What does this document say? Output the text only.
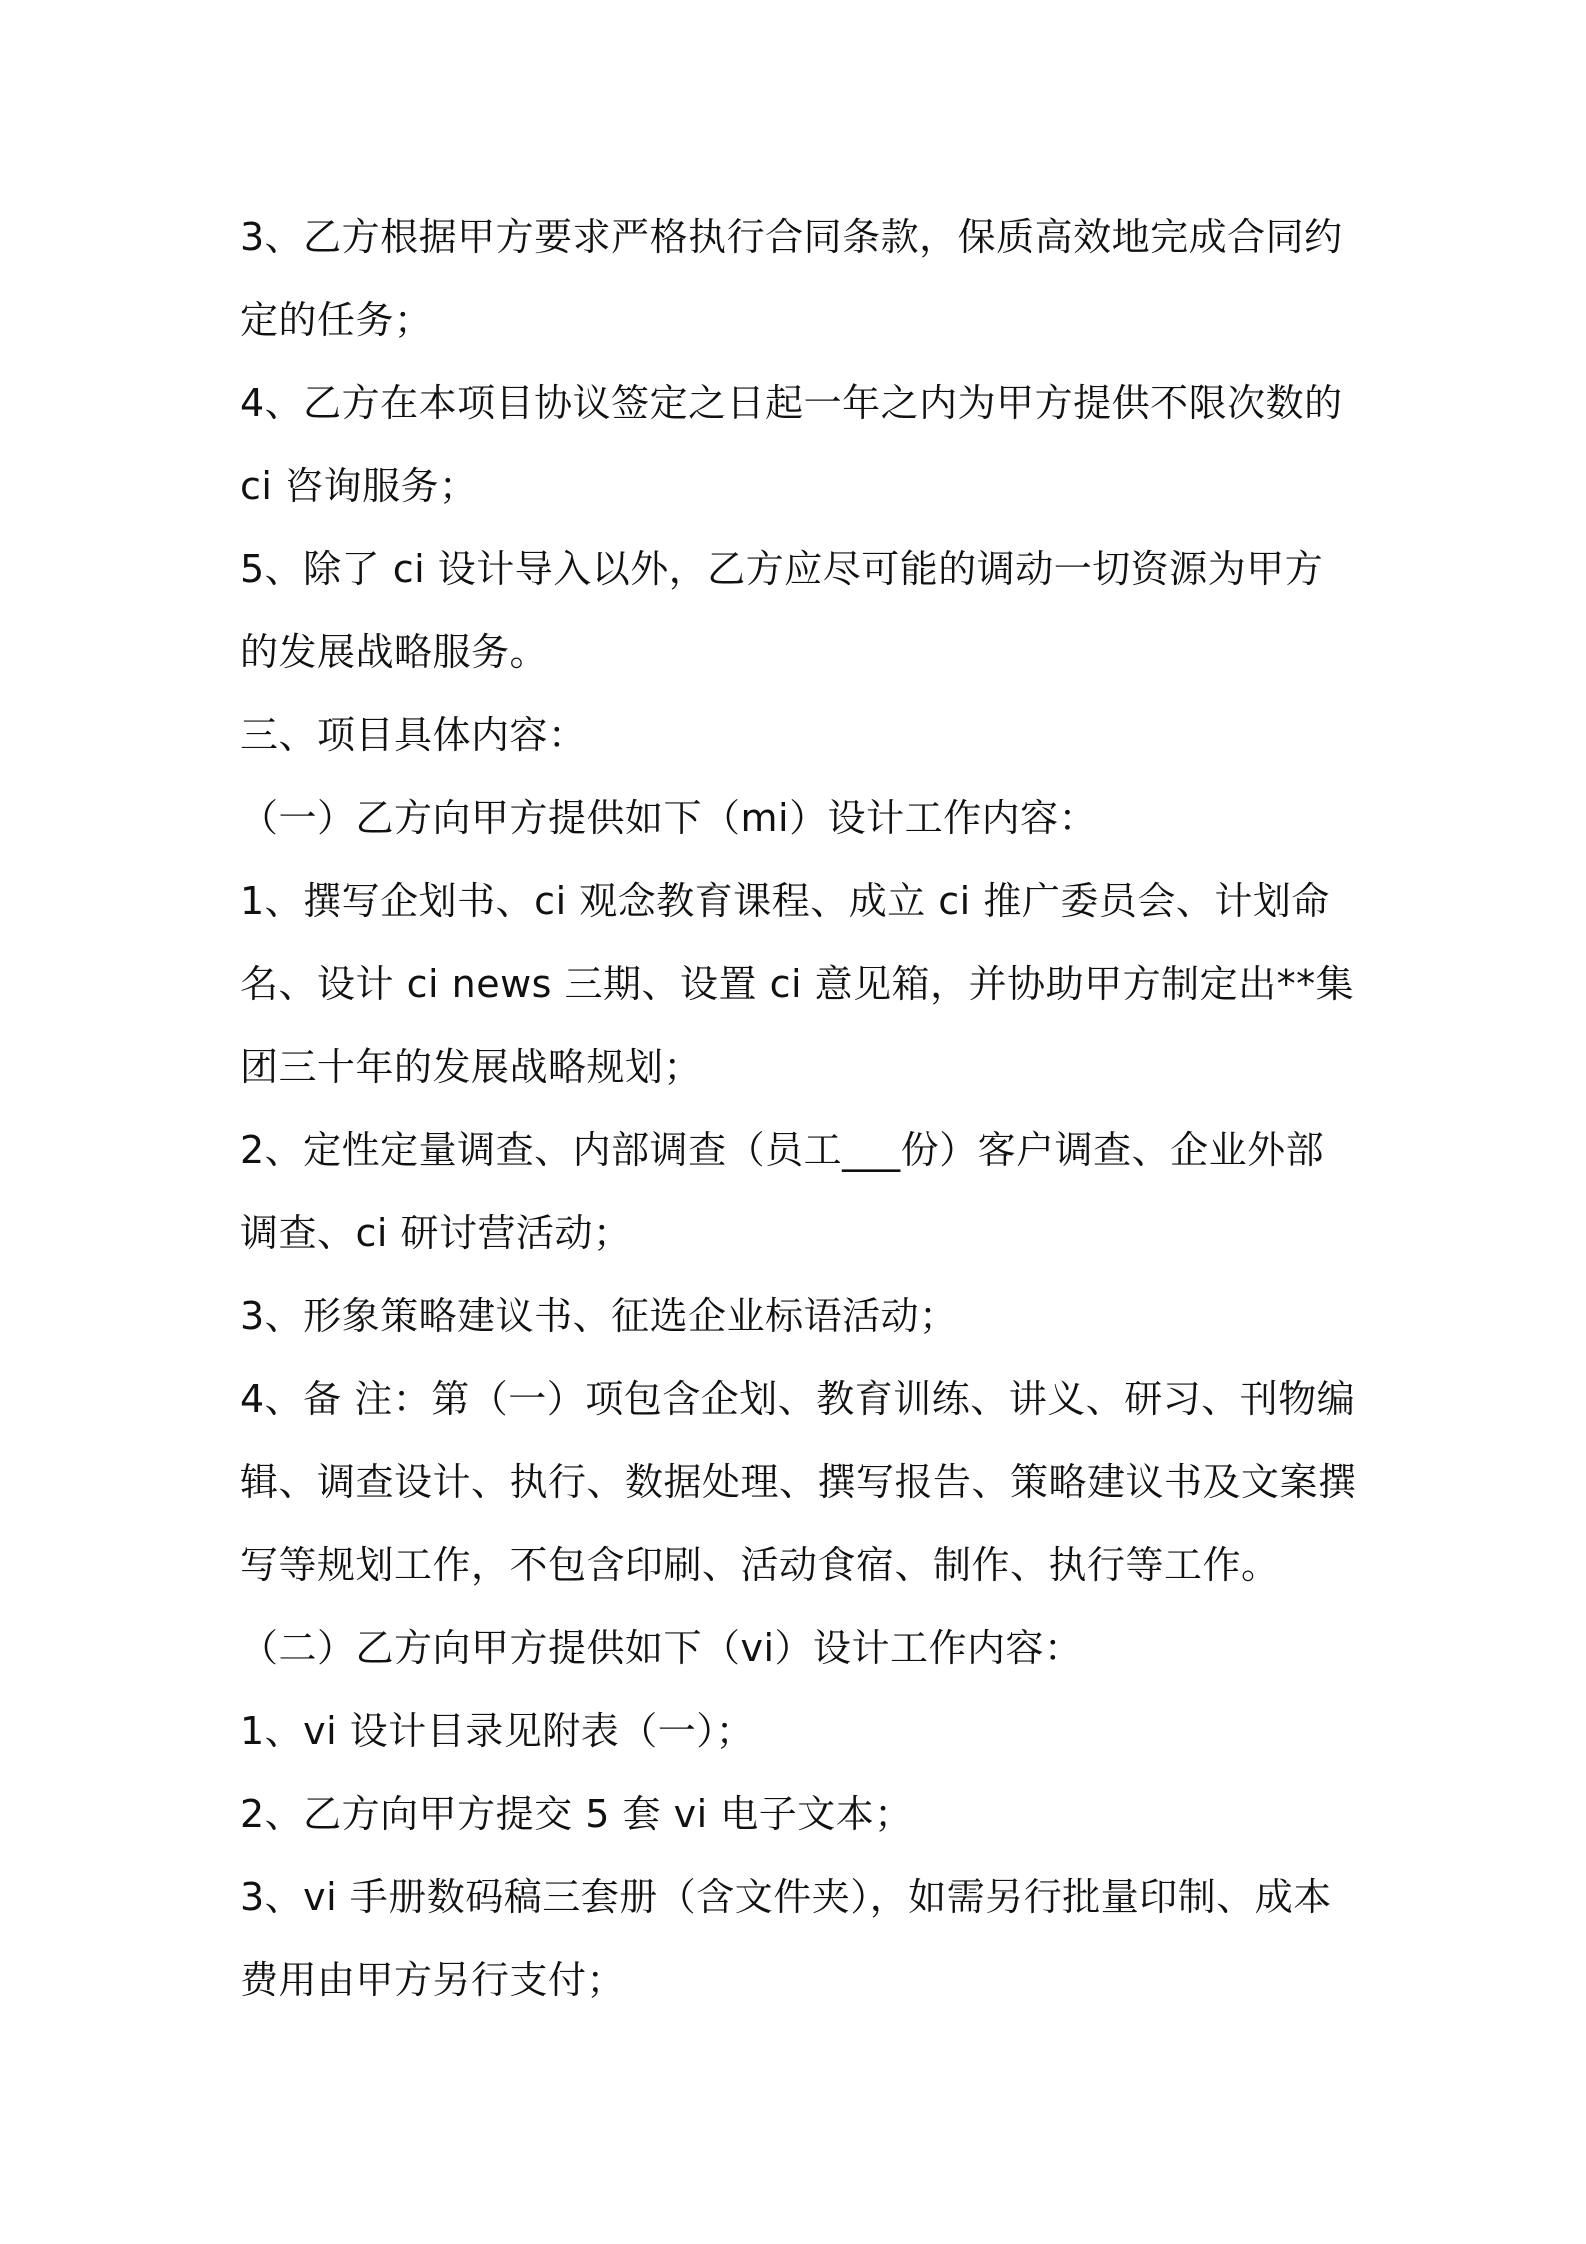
3、乙方根据甲方要求严格执行合同条款，保质高效地完成合同约定的任务；

4、乙方在本项目协议签定之日起一年之内为甲方提供不限次数的 ci 咨询服务；

5、除了 ci 设计导入以外，乙方应尽可能的调动一切资源为甲方的发展战略服务。

三、项目具体内容：

（一）乙方向甲方提供如下（mi）设计工作内容：

1、撰写企划书、ci 观念教育课程、成立 ci 推广委员会、计划命名、设计 ci news 三期、设置 ci 意见箱，并协助甲方制定出**集团三十年的发展战略规划；

2、定性定量调查、内部调查（员工___份）客户调查、企业外部调查、ci 研讨营活动；

3、形象策略建议书、征选企业标语活动；

4、备 注：第（一）项包含企划、教育训练、讲义、研习、刊物编辑、调查设计、执行、数据处理、撰写报告、策略建议书及文案撰写等规划工作，不包含印刷、活动食宿、制作、执行等工作。

（二）乙方向甲方提供如下（vi）设计工作内容：

1、vi 设计目录见附表（一）；

2、乙方向甲方提交 5 套 vi 电子文本；

3、vi 手册数码稿三套册（含文件夹），如需另行批量印制、成本费用由甲方另行支付；
